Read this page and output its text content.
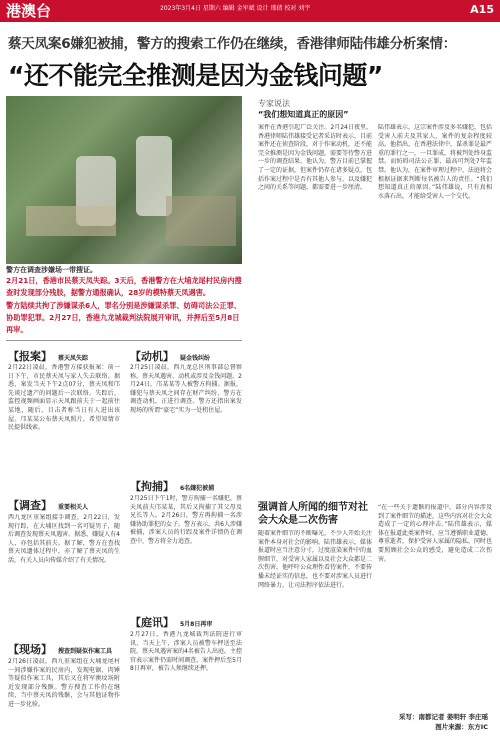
港澳台	2023年3月4日 星期六 编辑 金军斌 设计 邢倩 校对 刘宇	A15
蔡天凤案6嫌犯被捕，警方的搜索工作仍在继续，香港律师陆伟雄分析案情：
“还不能完全推测是因为金钱问题”
警方在调查涉嫌场一带搜证。

2月21日，香港市民蔡天凤失踪。3天后，香港警方在大埔龙尾村民房内搜查时发现部分残肢，据警方通报确认，28岁的模特蔡天凤遇害。

警方陆续共拘了涉嫌谋杀6人，罪名分别是涉嫌谋杀罪、妨碍司法公正罪、协助罪犯罪。2月27日，香港九龙城裁判法院展开审讯，并押后至5月8日再审。

【报案】 蔡天凤失踪
2月22日凌晨，香港警方接获报案：前一日下午，市民蔡天凤与家人失去联络。据悉，案发当天下午2点07分，蔡天凤和邝先谈过遗产的问题后一次联络。失踪后，监控视频画面显示天凤跟前夫于一起前往某地，随后，目击者称当日有人进出该屋。邝某某公布蔡天凤照片，希望知情市民提供线索。
【调查】 重要相关人
西九龙区重案组接手调查，2月22日，发现行踪，在大埔区找到一名可疑男子，随后调查发现蔡天凤遇害。据悉，嫌疑人有4人，亦包括其前夫。据了解，警方在查找蔡天凤遗体过程中，亦了解了蔡天凤的生活，有关人员向传媒介绍了有关情况。
【现场】 搜查到疑似作案工具
2月26日凌晨，西九重案组在大埔龙尾村一间涉嫌作案的民房内，发现电锯、肉锤等疑似作案工具，其后又在将军澳坟场附近发现部分残骸。警方搜查工作仍在继续，当中蔡天凤的残骸，会与其他证物作进一步化验。
【动机】 疑金钱纠纷
2月25日凌晨，西九龙总区刑事部总督察称，蔡天凤遇害，动机或涉及金钱问题。2月24日，邝某某等人被警方拘捕。据报，嫌犯与蔡天凤之间存在财产纠纷，警方在调查动机，正进行调查。警方还指出案发现场的所谓“豪宅”实为一处租住屋。
【拘捕】 6名嫌犯被捕
2月25日下午1时，警方拘捕一名嫌犯，蔡天凤前夫邝某某，其后又拘捕了其父母及兄长等人。2月26日，警方再拘捕一名涉嫌协助罪犯的女子。警方表示，共6人涉嫌被捕，涉案人员的行踪及案件详情仍在调查中，警方将全力追查。
【庭讯】 5月8日再审
2月27日，香港九龙城裁判法院进行审讯，当天上午，涉案人员被警车押送至法院，蔡天凤遇害案的4名被告人出庭。主控官表示案件仍需时间调查，案件押后至5月8日再审，被告人须继续还押。
专家说法
“我们想知道真正的原因”
案件在香港引起广泛关注。2月24日夜里，香港律师陆伟雄接受记者采访时表示，目前案件还在侦查阶段，对于作案动机，还不能完全推测是因为金钱问题，需要等待警方进一步的调查结果。他认为，警方目前已掌握了一定的证据，但案件仍存在诸多疑点，包括作案过程中是否有其他人参与，以及嫌犯之间的关系等问题，都需要进一步厘清。
陆伟雄表示，这宗案件涉及多名嫌犯，包括受害人前夫及其家人，案件的复杂程度较高。他指出，在香港法律中，谋杀罪是最严重的罪行之一，一旦罪成，将被判处终身监禁。而妨碍司法公正罪，最高可判处7年监禁。他认为，在案件审理过程中，法庭将会根据证据来判断每名被告人的责任。“我们想知道真正的原因。”陆伟雄说，只有真相水落石出，才能给受害人一个交代。
强调首人所闻的细节对社会大众是二次伤害
随着案件细节的不断曝光，不少人开始关注案件本身对社会的影响。陆伟雄表示，媒体报道时应当注意分寸，过度渲染案件中的血腥细节，对受害人家属以及社会大众都是二次伤害。他呼吁公众理性看待案件，不要传播未经证实的信息，也不要对涉案人员进行网络暴力，让司法程序依法进行。
“在一些关于遗骸的报道中，部分内容涉及到了案件细节的描述，这些内容对社会大众造成了一定的心理冲击。”陆伟雄表示，媒体在报道此类案件时，应当遵循职业道德，尊重逝者，保护受害人家属的隐私，同时也要照顾社会公众的感受，避免造成二次伤害。
采写：南都记者 姜明轩 李庄瑶
图片来源：东方IC
